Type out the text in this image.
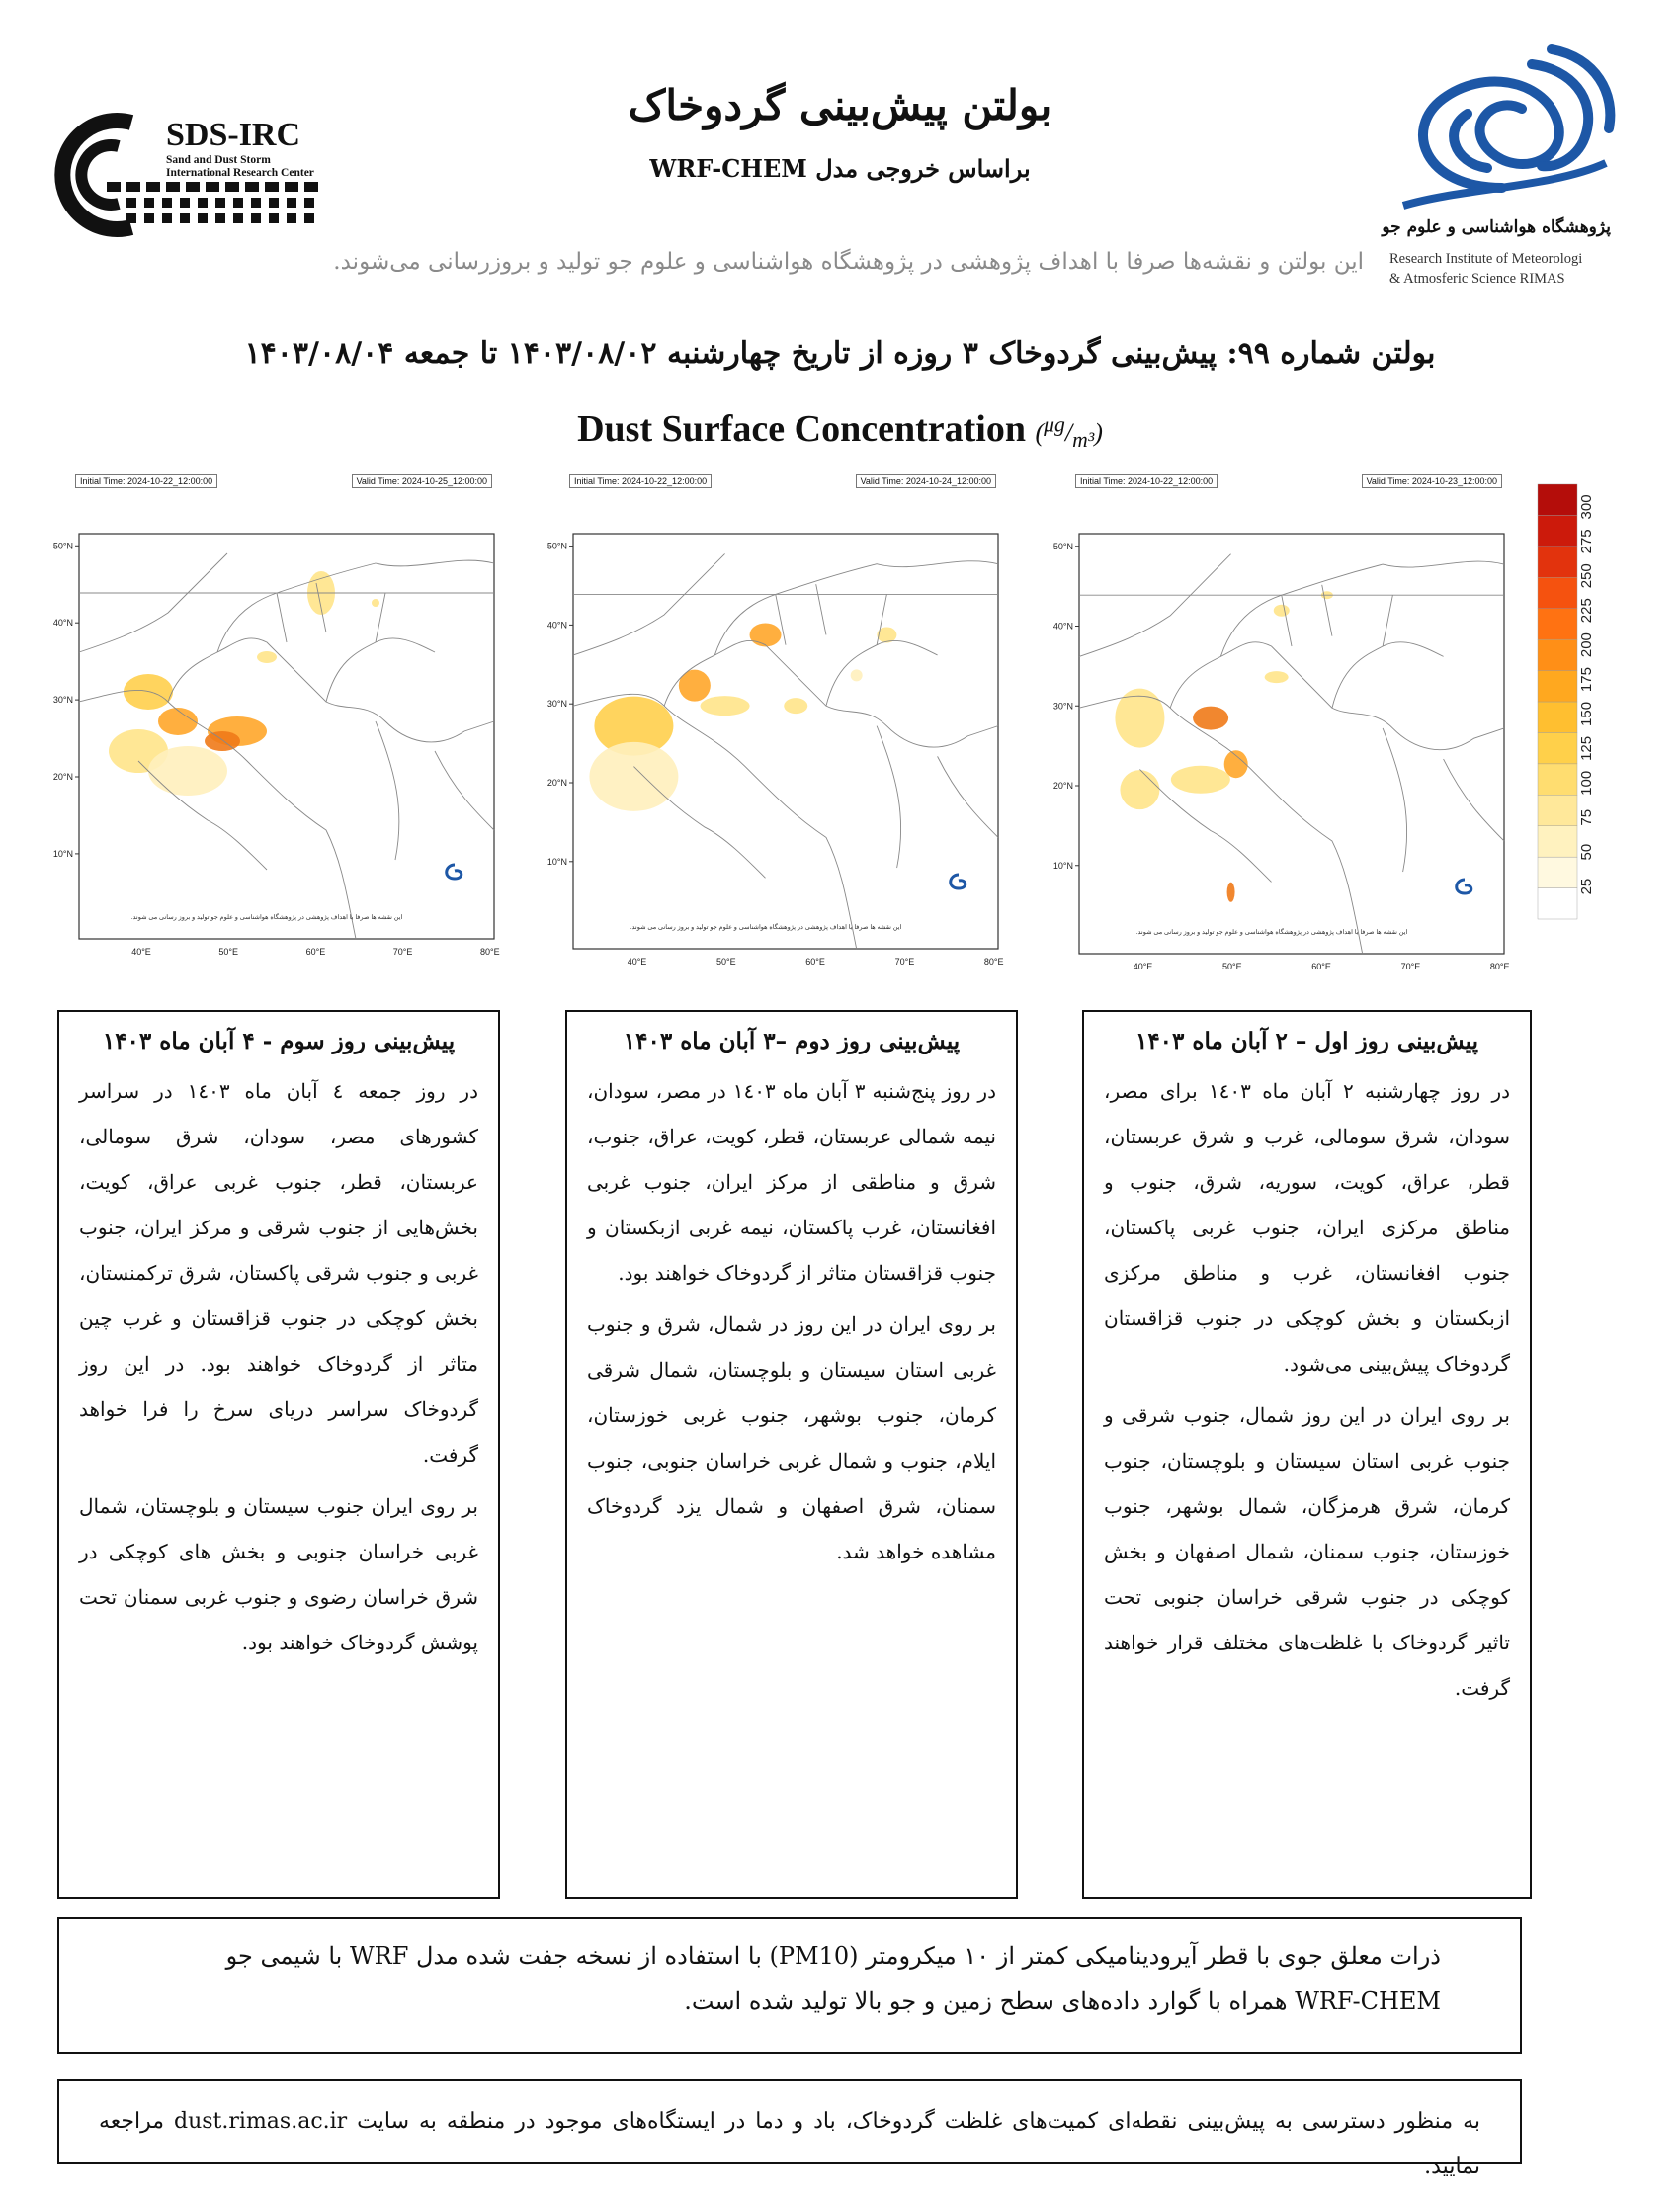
SDS-IRC
Sand and Dust Storm
International Research Center
بولتن پیش‌بینی گردوخاک
براساس خروجی مدل WRF-CHEM
پژوهشگاه هواشناسی و علوم جو
Research Institute of Meteorologi
& Atmosferic Science RIMAS
این بولتن و نقشه‌ها صرفا با اهداف پژوهشی در پژوهشگاه هواشناسی و علوم جو تولید و بروزرسانی می‌شوند.
بولتن شماره ۹۹: پیش‌بینی گردوخاک ۳ روزه از تاریخ چهارشنبه ۱۴۰۳/۰۸/۰۲ تا جمعه ۱۴۰۳/۰۸/۰۴
Dust Surface Concentration $(^{\mu g}/_{m^3})$
Initial Time: 2024-10-22_12:00:00	Valid Time: 2024-10-25_12:00:00
50°N
40°N
30°N
20°N
10°N
40°E	50°E	60°E	70°E	80°E
این نقشه ها صرفا با اهداف پژوهشی در پژوهشگاه هواشناسی و علوم جو تولید و بروز رسانی می شوند.
Initial Time: 2024-10-22_12:00:00	Valid Time: 2024-10-24_12:00:00
50°N
40°N
30°N
20°N
10°N
40°E	50°E	60°E	70°E	80°E
این نقشه ها صرفا با اهداف پژوهشی در پژوهشگاه هواشناسی و علوم جو تولید و بروز رسانی می شوند.
Initial Time: 2024-10-22_12:00:00	Valid Time: 2024-10-23_12:00:00
50°N
40°N
30°N
20°N
10°N
40°E	50°E	60°E	70°E	80°E
این نقشه ها صرفا با اهداف پژوهشی در پژوهشگاه هواشناسی و علوم جو تولید و بروز رسانی می شوند.
25
50
75
100
125
150
175
200
225
250
275
300
پیش‌بینی روز سوم - ۴ آبان ماه ۱۴۰۳

در روز جمعه ٤ آبان ماه ١٤٠٣ در سراسر کشورهای مصر، سودان، شرق سومالی، عربستان، قطر، جنوب غربی عراق، کویت، بخش‌هایی از جنوب شرقی و مرکز ایران، جنوب غربی و جنوب شرقی پاکستان، شرق ترکمنستان، بخش کوچکی در جنوب قزاقستان و غرب چین متاثر از گردوخاک خواهند بود. در این روز گردوخاک سراسر دریای سرخ را فرا خواهد گرفت.

بر روی ایران جنوب سیستان و بلوچستان، شمال غربی خراسان جنوبی و بخش های کوچکی در شرق خراسان رضوی و جنوب غربی سمنان تحت پوشش گردوخاک خواهند بود.

پیش‌بینی روز دوم –۳ آبان ماه ۱۴۰۳

در روز پنج‌شنبه ٣ آبان ماه ١٤٠٣ در مصر، سودان، نیمه شمالی عربستان، قطر، کویت، عراق، جنوب، شرق و مناطقی از مرکز ایران، جنوب غربی افغانستان، غرب پاکستان، نیمه غربی ازبکستان و جنوب قزاقستان متاثر از گردوخاک خواهند بود.

بر روی ایران در این روز در شمال، شرق و جنوب غربی استان سیستان و بلوچستان، شمال شرقی کرمان، جنوب بوشهر، جنوب غربی خوزستان، ایلام، جنوب و شمال غربی خراسان جنوبی، جنوب سمنان، شرق اصفهان و شمال یزد گردوخاک مشاهده خواهد شد.

پیش‌بینی روز اول – ۲ آبان ماه ۱۴۰۳

در روز چهارشنبه ٢ آبان ماه ١٤٠٣ برای مصر، سودان، شرق سومالی، غرب و شرق عربستان، قطر، عراق، کویت، سوریه، شرق، جنوب و مناطق مرکزی ایران، جنوب غربی پاکستان، جنوب افغانستان، غرب و مناطق مرکزی ازبکستان و بخش کوچکی در جنوب قزاقستان گردوخاک پیش‌بینی می‌شود.

بر روی ایران در این روز شمال، جنوب شرقی و جنوب غربی استان سیستان و بلوچستان، جنوب کرمان، شرق هرمزگان، شمال بوشهر، جنوب خوزستان، جنوب سمنان، شمال اصفهان و بخش کوچکی در جنوب شرقی خراسان جنوبی تحت تاثیر گردوخاک با غلظت‌های مختلف قرار خواهند گرفت.

ذرات معلق جوی با قطر آیرودینامیکی کمتر از ۱۰ میکرومتر (PM10) با استفاده از نسخه جفت شده مدل WRF با شیمی جو

WRF-CHEM همراه با گوارد داده‌های سطح زمین و جو بالا تولید شده است.

به منظور دسترسی به پیش‌بینی نقطه‌ای کمیت‌های غلظت گردوخاک، باد و دما در ایستگاه‌های موجود در منطقه به سایت dust.rimas.ac.ir مراجعه نمایید.
